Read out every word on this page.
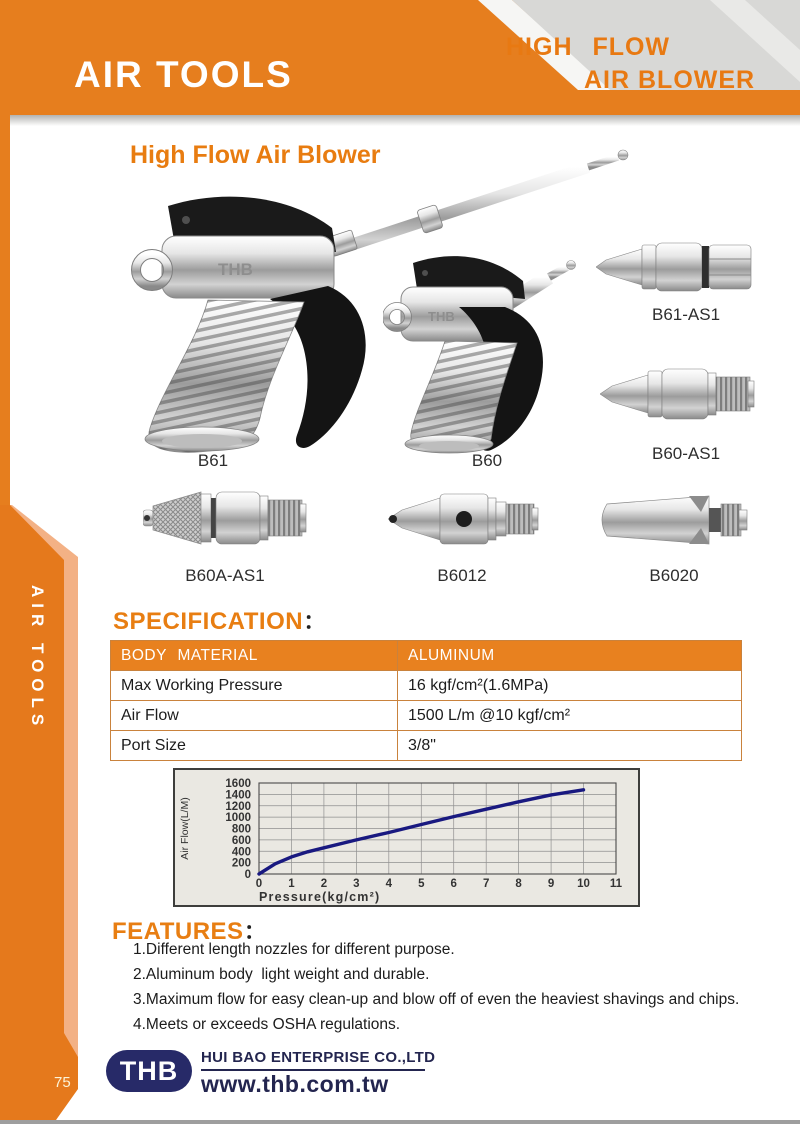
AIR TOOLS
HIGH FLOW
AIR BLOWER
AIR TOOLS
75
High Flow Air Blower
THB
THB
B61	B60
B61-AS1
B60-AS1
B60A-AS1	B6012	B6020
SPECIFICATION：
BODY MATERIAL	ALUMINUM
Max Working Pressure	16 kgf/cm²(1.6MPa)
Air Flow	1500 L/m @10 kgf/cm²
Port Size	3/8"
0
200
400
600
800
1000
1200
1400
1600
0 1 2 3 4 5 6 7 8 9 10 11
Pressure(kg/cm²)
Air Flow(L/M)
FEATURES：
1.Different length nozzles for different purpose.
2.Aluminum body  light weight and durable.
3.Maximum flow for easy clean-up and blow off of even the heaviest shavings and chips.
4.Meets or exceeds OSHA regulations.
THB	HUI BAO ENTERPRISE CO.,LTD
www.thb.com.tw
